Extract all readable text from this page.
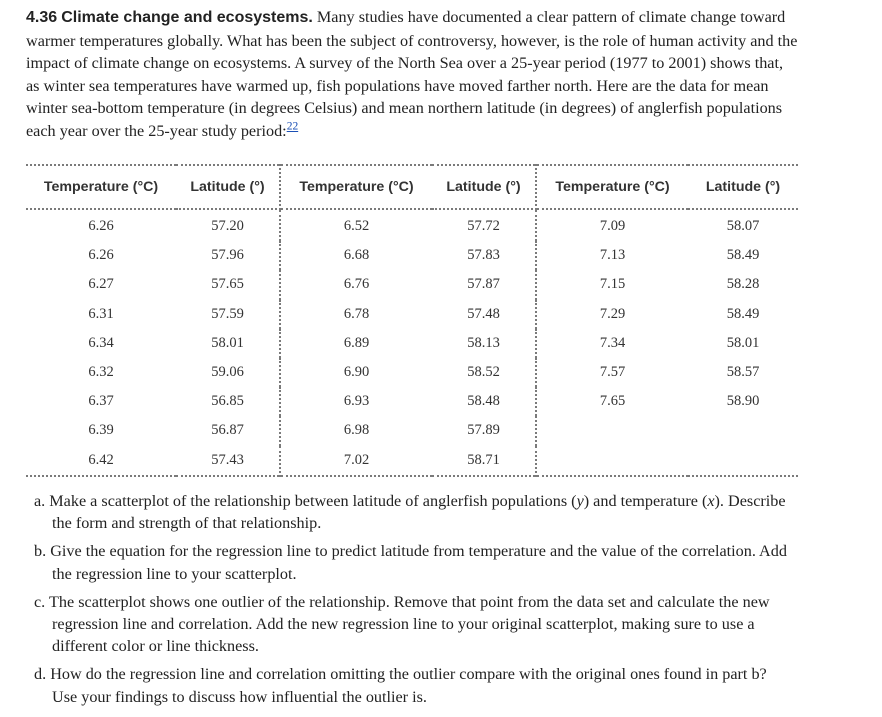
4.36 Climate change and ecosystems. Many studies have documented a clear pattern of climate change toward warmer temperatures globally. What has been the subject of controversy, however, is the role of human activity and the impact of climate change on ecosystems. A survey of the North Sea over a 25-year period (1977 to 2001) shows that, as winter sea temperatures have warmed up, fish populations have moved farther north. Here are the data for mean winter sea-bottom temperature (in degrees Celsius) and mean northern latitude (in degrees) of anglerfish populations each year over the 25-year study period:$^{22}$

Temperature (°C)	Latitude (°)	Temperature (°C)	Latitude (°)	Temperature (°C)	Latitude (°)
6.26	57.20	6.52	57.72	7.09	58.07
6.26	57.96	6.68	57.83	7.13	58.49
6.27	57.65	6.76	57.87	7.15	58.28
6.31	57.59	6.78	57.48	7.29	58.49
6.34	58.01	6.89	58.13	7.34	58.01
6.32	59.06	6.90	58.52	7.57	58.57
6.37	56.85	6.93	58.48	7.65	58.90
6.39	56.87	6.98	57.89		
6.42	57.43	7.02	58.71		
a. Make a scatterplot of the relationship between latitude of anglerfish populations (y) and temperature (x). Describe the form and strength of that relationship.
b. Give the equation for the regression line to predict latitude from temperature and the value of the correlation. Add the regression line to your scatterplot.
c. The scatterplot shows one outlier of the relationship. Remove that point from the data set and calculate the new regression line and correlation. Add the new regression line to your original scatterplot, making sure to use a different color or line thickness.
d. How do the regression line and correlation omitting the outlier compare with the original ones found in part b? Use your findings to discuss how influential the outlier is.
